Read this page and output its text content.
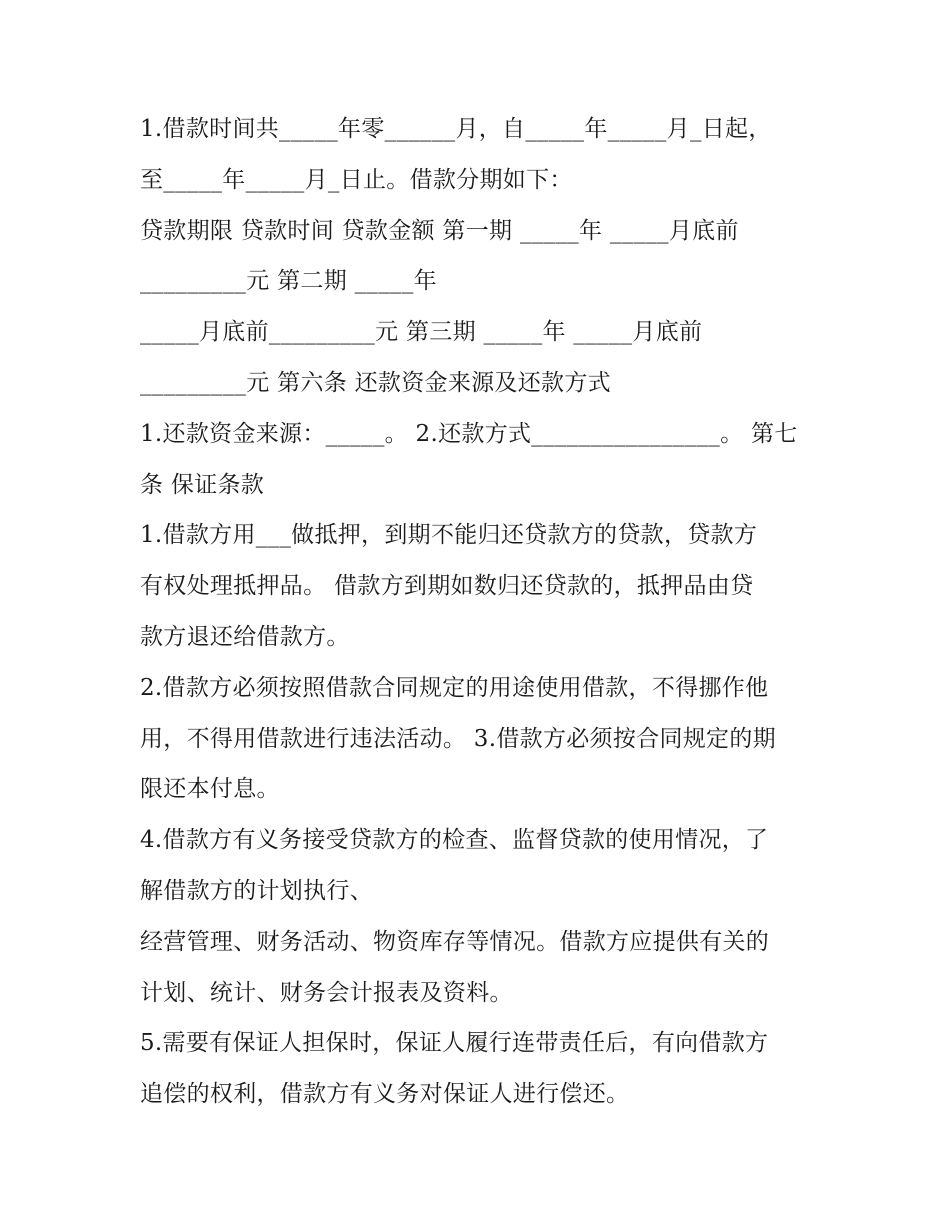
1.借款时间共_____年零______月，自_____年_____月_日起，
至_____年_____月_日止。借款分期如下：
贷款期限 贷款时间 贷款金额 第一期 _____年 _____月底前
_________元 第二期 _____年
_____月底前_________元 第三期 _____年 _____月底前
_________元 第六条 还款资金来源及还款方式
1.还款资金来源：_____。 2.还款方式________________。 第七
条 保证条款
1.借款方用___做抵押，到期不能归还贷款方的贷款，贷款方
有权处理抵押品。 借款方到期如数归还贷款的，抵押品由贷
款方退还给借款方。
2.借款方必须按照借款合同规定的用途使用借款，不得挪作他
用，不得用借款进行违法活动。 3.借款方必须按合同规定的期
限还本付息。
4.借款方有义务接受贷款方的检查、监督贷款的使用情况，了
解借款方的计划执行、
经营管理、财务活动、物资库存等情况。借款方应提供有关的
计划、统计、财务会计报表及资料。
5.需要有保证人担保时，保证人履行连带责任后，有向借款方
追偿的权利，借款方有义务对保证人进行偿还。
